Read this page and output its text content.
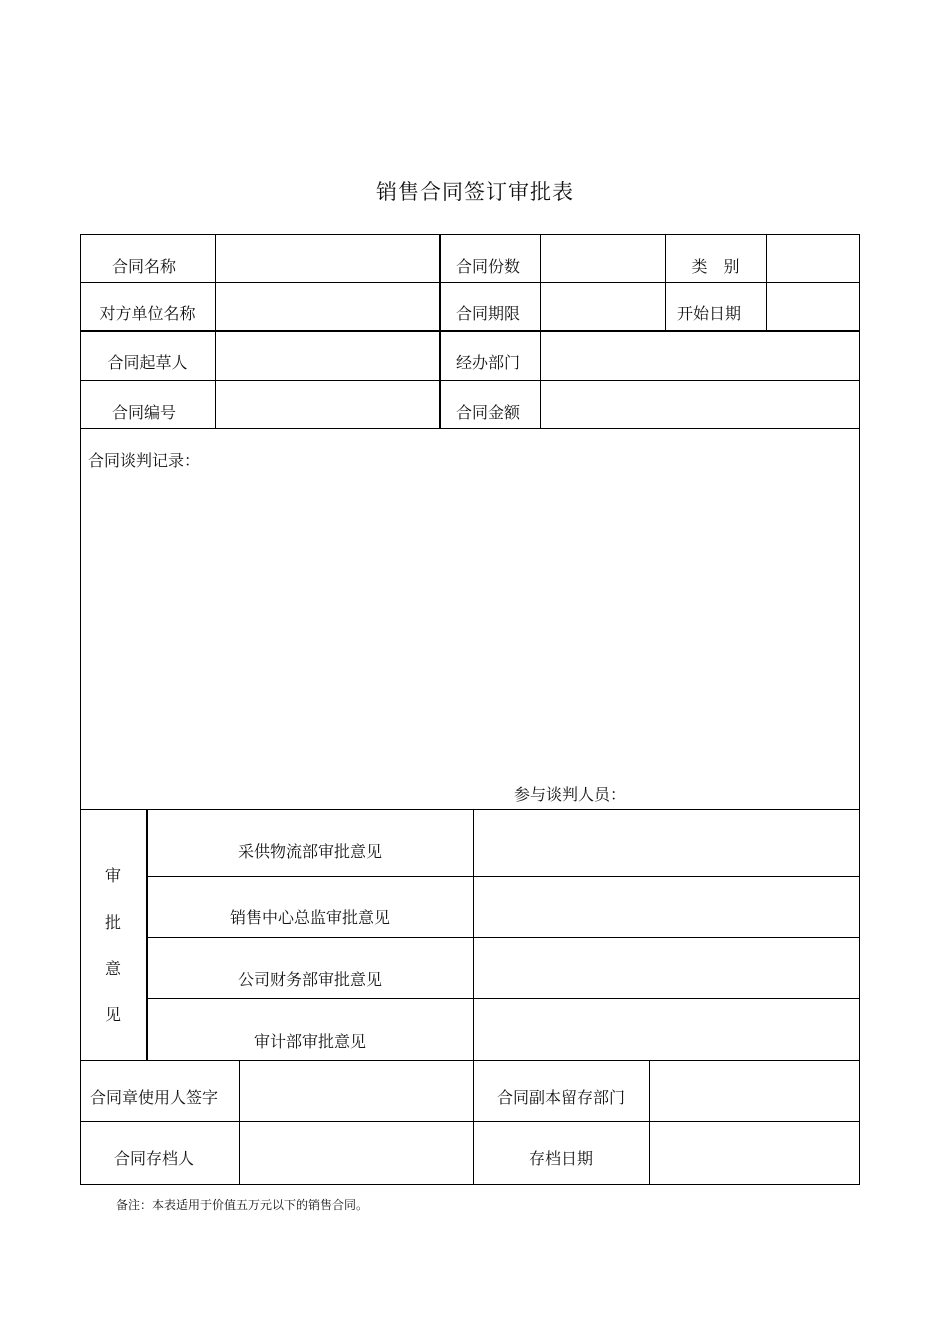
销售合同签订审批表
合同名称	合同份数	类　别
对方单位名称	合同期限	开始日期
合同起草人	经办部门
合同编号	合同金额
合同谈判记录：
参与谈判人员：
审
批
意
见
采供物流部审批意见
销售中心总监审批意见
公司财务部审批意见
审计部审批意见
合同章使用人签字	合同副本留存部门
合同存档人	存档日期
备注：本表适用于价值五万元以下的销售合同。
